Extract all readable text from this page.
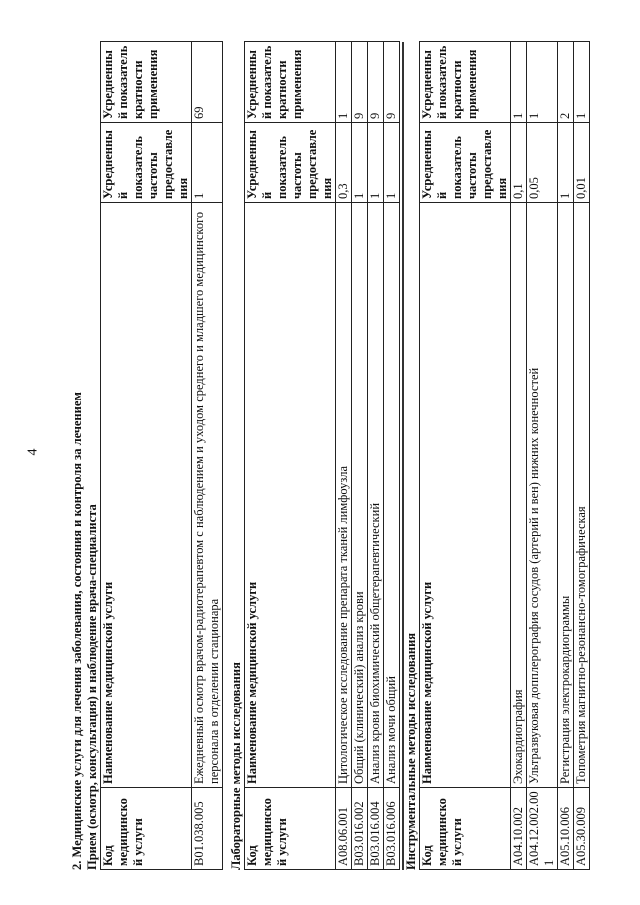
4 2. Медицинские услуги для лечения заболевания, состояния и контроля за лечением Прием (осмотр, консультация) и наблюдение врача-специалиста Код медицинской услуги	Наименование медицинской услуги	Усредненный показатель частоты предоставления	Усредненный показатель кратности применения
B01.038.005	Ежедневный осмотр врачом-радиотерапевтом с наблюдением и уходом среднего и младшего медицинского персонала в отделении стационара	1	69
Лабораторные методы исследования Код медицинской услуги	Наименование медицинской услуги	Усредненный показатель частоты предоставления	Усредненный показатель кратности применения
A08.06.001	Цитологическое исследование препарата тканей лимфоузла	0,3	1
B03.016.002	Общий (клинический) анализ крови	1	9
B03.016.004	Анализ крови биохимический общетерапевтический	1	9
B03.016.006	Анализ мочи общий	1	9
Инструментальные методы исследования Код медицинской услуги	Наименование медицинской услуги	Усредненный показатель частоты предоставления	Усредненный показатель кратности применения
A04.10.002	Эхокардиография	0,1	1
A04.12.002.001	Ультразвуковая допплерография сосудов (артерий и вен) нижних конечностей	0,05	1
A05.10.006	Регистрация электрокардиограммы	1	2
A05.30.009	Топометрия магнитно-резонансно-томографическая	0,01	1
